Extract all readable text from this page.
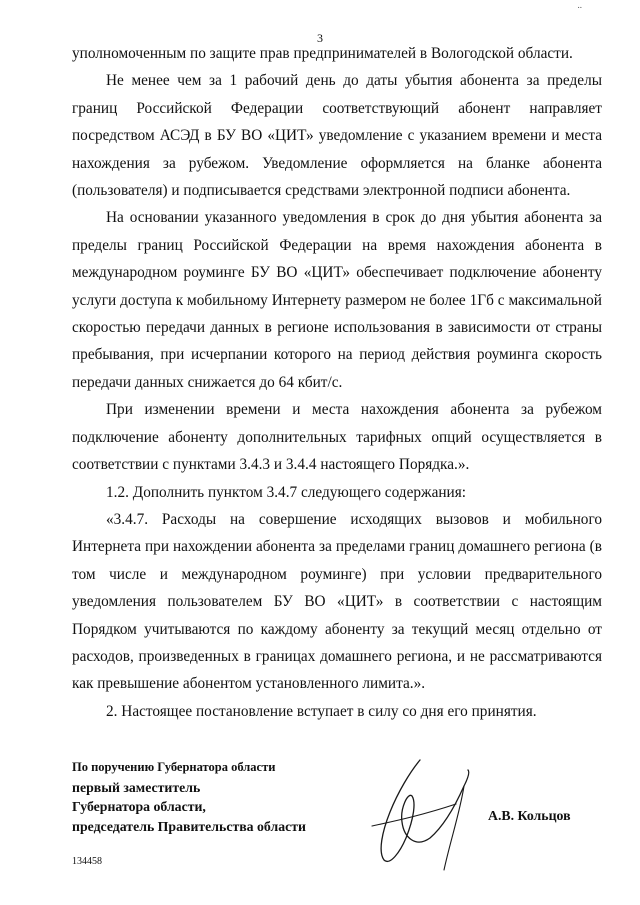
..
3

уполномоченным по защите прав предпринимателей в Вологодской области.

Не менее чем за 1 рабочий день до даты убытия абонента за пределы границ Российской Федерации соответствующий абонент направляет посредством АСЭД в БУ ВО «ЦИТ» уведомление с указанием времени и места нахождения за рубежом. Уведомление оформляется на бланке абонента (пользователя) и подписывается средствами электронной подписи абонента.

На основании указанного уведомления в срок до дня убытия абонента за пределы границ Российской Федерации на время нахождения абонента в международном роуминге БУ ВО «ЦИТ» обеспечивает подключение абоненту услуги доступа к мобильному Интернету размером не более 1Гб с максимальной скоростью передачи данных в регионе использования в зависимости от страны пребывания, при исчерпании которого на период действия роуминга скорость передачи данных снижается до 64 кбит/с.

При изменении времени и места нахождения абонента за рубежом подключение абоненту дополнительных тарифных опций осуществляется в соответствии с пунктами 3.4.3 и 3.4.4 настоящего Порядка.».

1.2. Дополнить пунктом 3.4.7 следующего содержания:

«3.4.7. Расходы на совершение исходящих вызовов и мобильного Интернета при нахождении абонента за пределами границ домашнего региона (в том числе и международном роуминге) при условии предварительного уведомления пользователем БУ ВО «ЦИТ» в соответствии с настоящим Порядком учитываются по каждому абоненту за текущий месяц отдельно от расходов, произведенных в границах домашнего региона, и не рассматриваются как превышение абонентом установленного лимита.».

2. Настоящее постановление вступает в силу со дня его принятия.

По поручению Губернатора области
первый заместитель
Губернатора области,
председатель Правительства области
А.В. Кольцов
134458
